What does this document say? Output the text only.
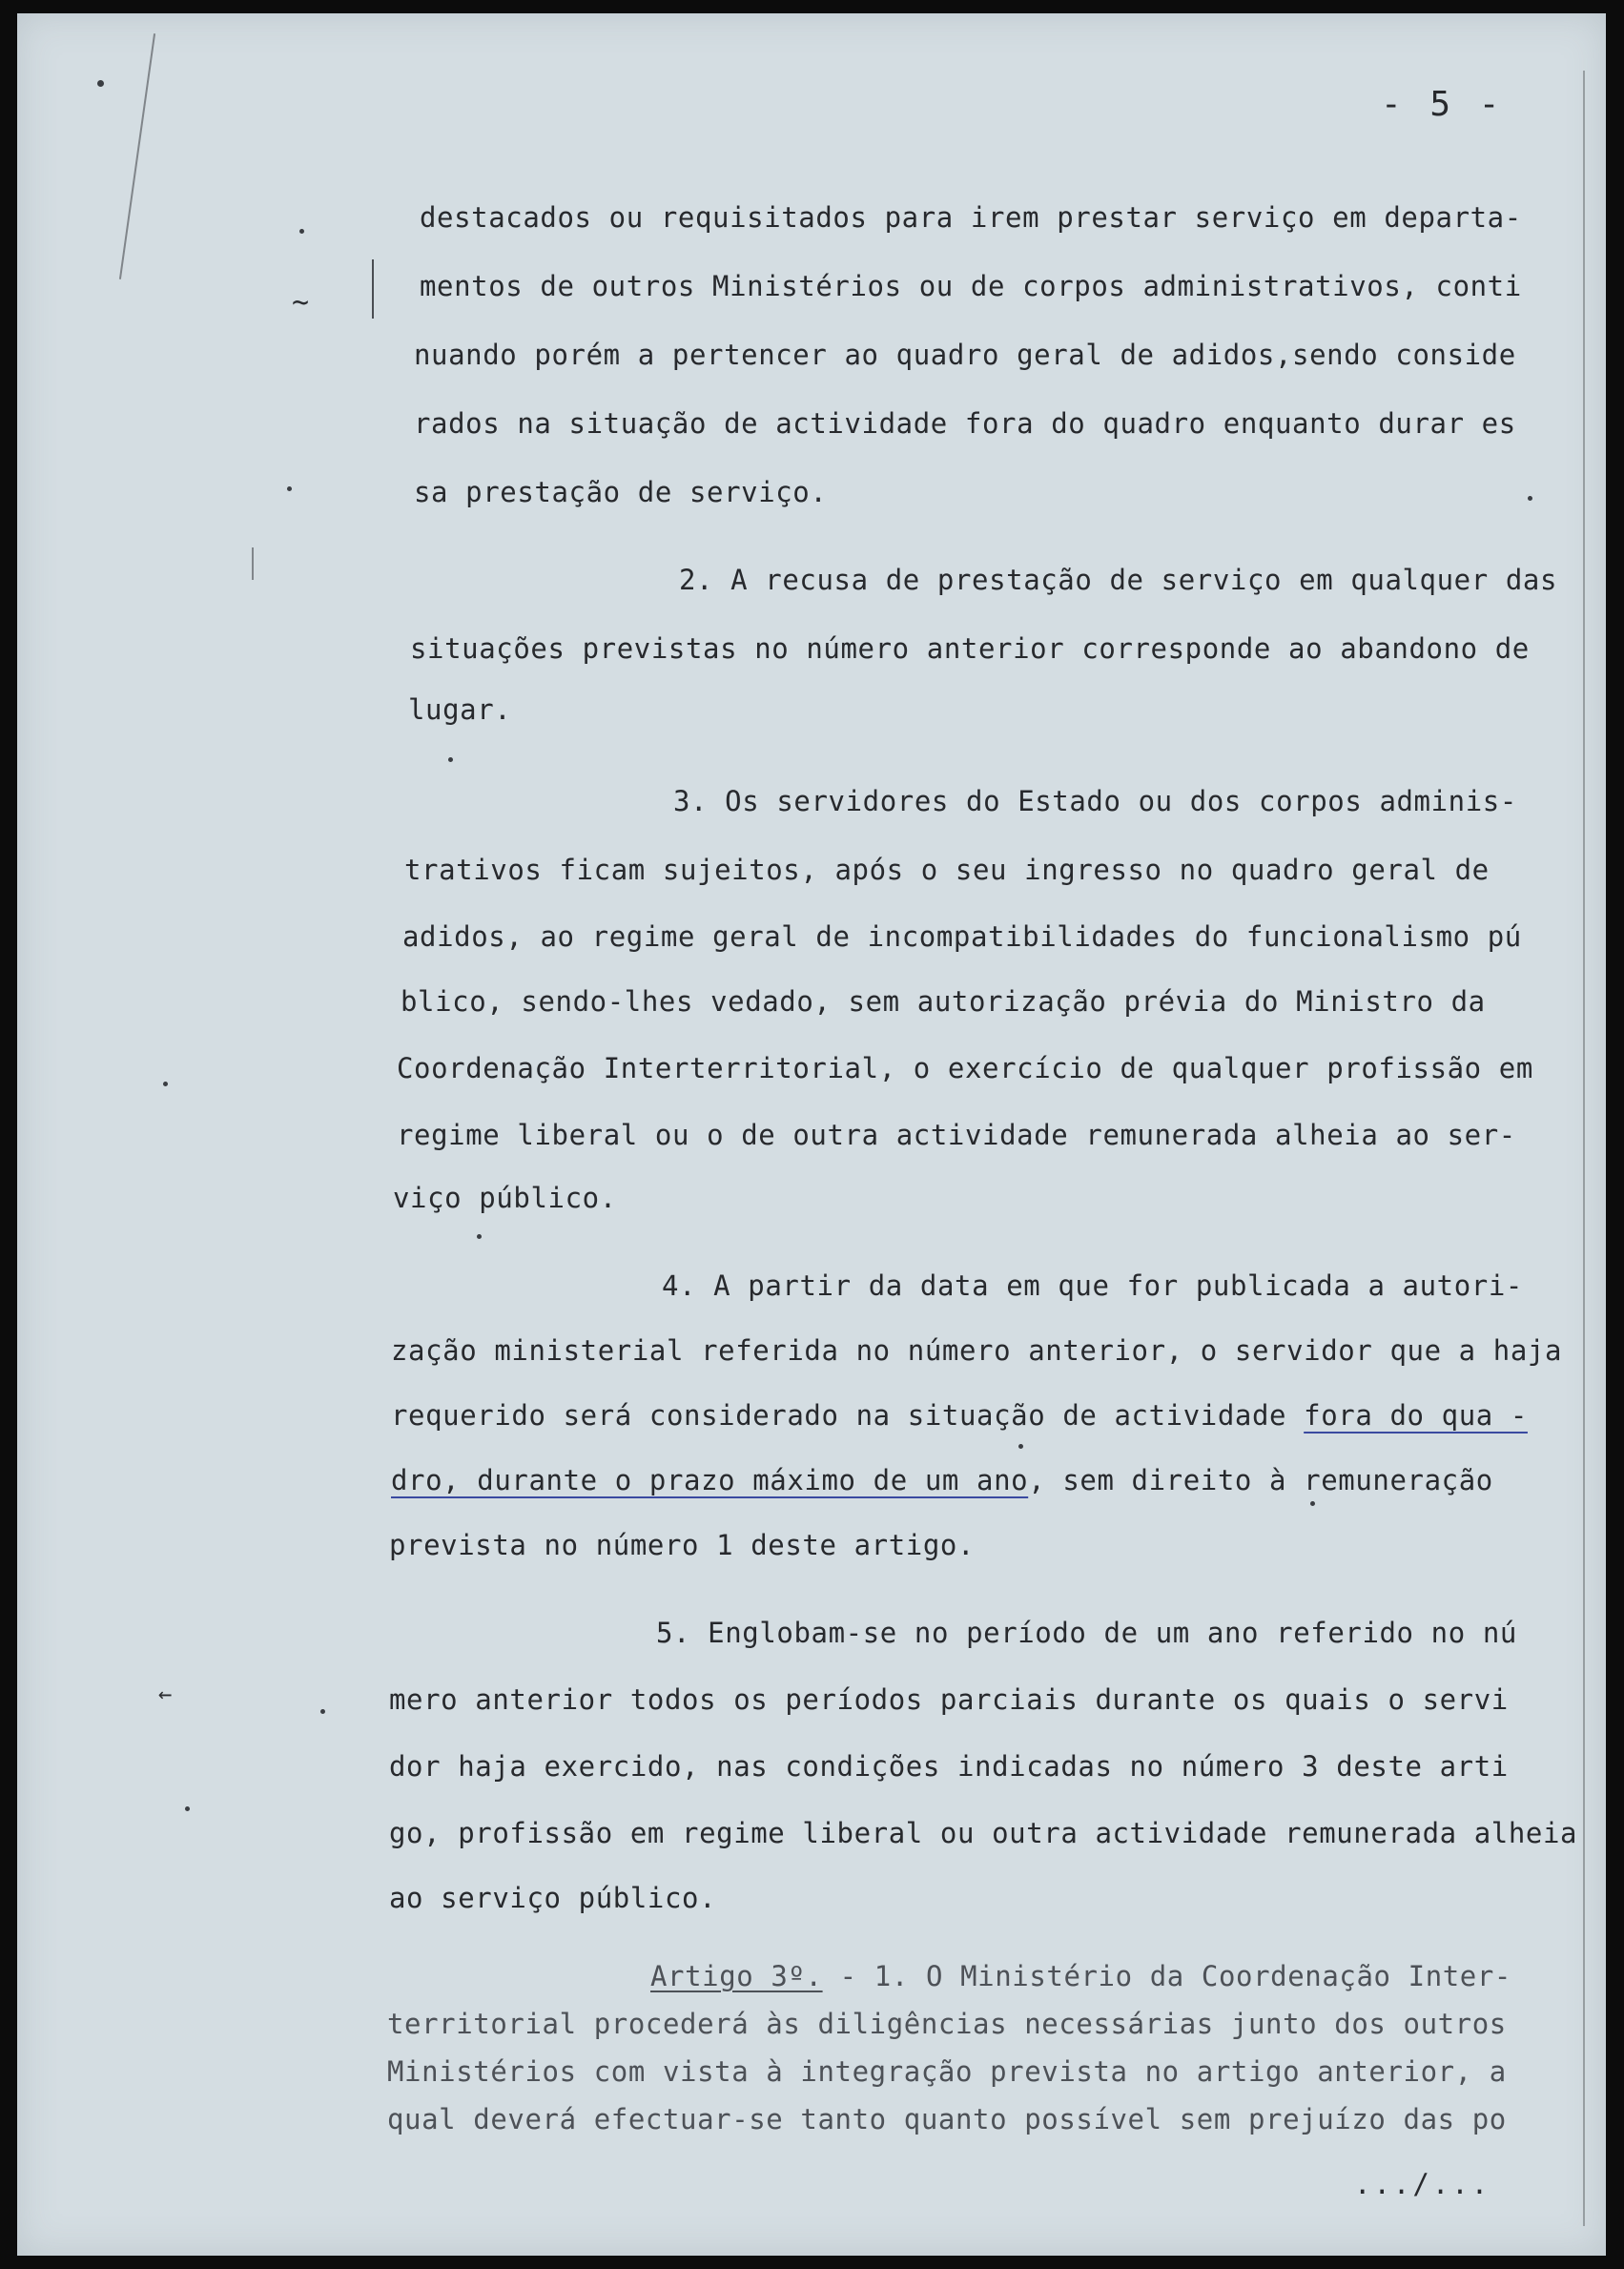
~
←
- 5 -
destacados ou requisitados para irem prestar serviço em departa-
mentos de outros Ministérios ou de corpos administrativos, conti
nuando porém a pertencer ao quadro geral de adidos,sendo conside
rados na situação de actividade fora do quadro enquanto durar es
sa prestação de serviço.
2. A recusa de prestação de serviço em qualquer das
situações previstas no número anterior corresponde ao abandono de
lugar.
3. Os servidores do Estado ou dos corpos adminis-
trativos ficam sujeitos, após o seu ingresso no quadro geral de
adidos, ao regime geral de incompatibilidades do funcionalismo pú
blico, sendo-lhes vedado, sem autorização prévia do Ministro da
Coordenação Interterritorial, o exercício de qualquer profissão em
regime liberal ou o de outra actividade remunerada alheia ao ser-
viço público.
4. A partir da data em que for publicada a autori-
zação ministerial referida no número anterior, o servidor que a haja
requerido será considerado na situação de actividade fora do qua -
dro, durante o prazo máximo de um ano, sem direito à remuneração
prevista no número 1 deste artigo.
5. Englobam-se no período de um ano referido no nú
mero anterior todos os períodos parciais durante os quais o servi
dor haja exercido, nas condições indicadas no número 3 deste arti
go, profissão em regime liberal ou outra actividade remunerada alheia
ao serviço público.
Artigo 3º. - 1. O Ministério da Coordenação Inter-
territorial procederá às diligências necessárias junto dos outros
Ministérios com vista à integração prevista no artigo anterior, a
qual deverá efectuar-se tanto quanto possível sem prejuízo das po
.../...
